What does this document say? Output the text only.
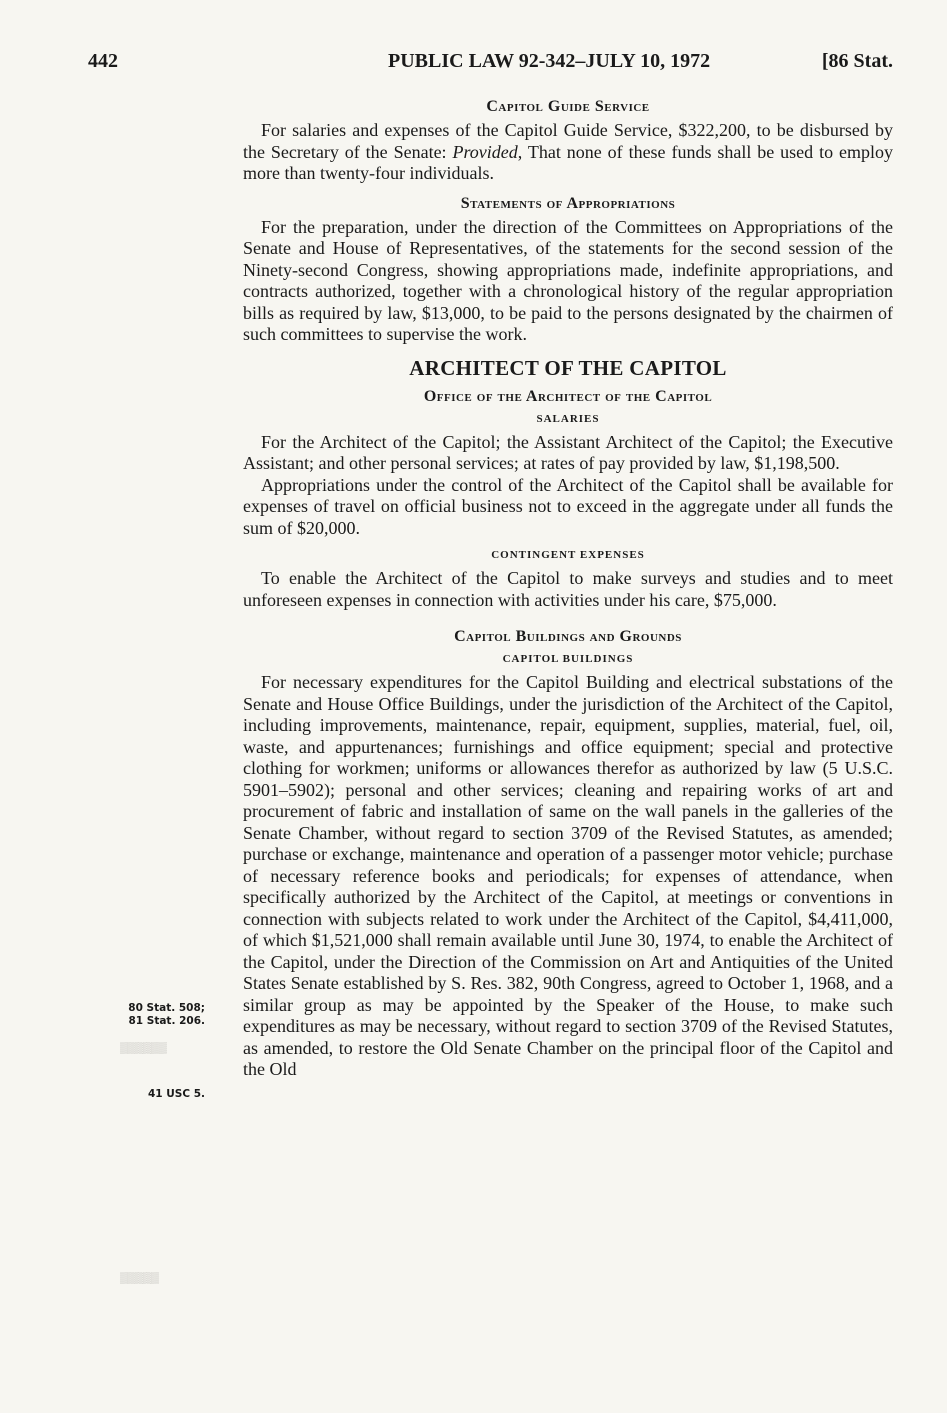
442	PUBLIC LAW 92-342–JULY 10, 1972	[86 Stat.
▒▒▒▒▒▒
▒▒▒▒▒
80 Stat. 508;
81 Stat. 206.
41 USC 5.
Capitol Guide Service

For salaries and expenses of the Capitol Guide Service, $322,200, to be disbursed by the Secretary of the Senate: Provided, That none of these funds shall be used to employ more than twenty-four individuals.

Statements of Appropriations

For the preparation, under the direction of the Committees on Appropriations of the Senate and House of Representatives, of the statements for the second session of the Ninety-second Congress, showing appropriations made, indefinite appropriations, and contracts authorized, together with a chronological history of the regular appropriation bills as required by law, $13,000, to be paid to the persons designated by the chairmen of such committees to supervise the work.

ARCHITECT OF THE CAPITOL
Office of the Architect of the Capitol
SALARIES

For the Architect of the Capitol; the Assistant Architect of the Capitol; the Executive Assistant; and other personal services; at rates of pay provided by law, $1,198,500.

Appropriations under the control of the Architect of the Capitol shall be available for expenses of travel on official business not to exceed in the aggregate under all funds the sum of $20,000.

CONTINGENT EXPENSES

To enable the Architect of the Capitol to make surveys and studies and to meet unforeseen expenses in connection with activities under his care, $75,000.

Capitol Buildings and Grounds
CAPITOL BUILDINGS

For necessary expenditures for the Capitol Building and electrical substations of the Senate and House Office Buildings, under the jurisdiction of the Architect of the Capitol, including improvements, maintenance, repair, equipment, supplies, material, fuel, oil, waste, and appurtenances; furnishings and office equipment; special and protective clothing for workmen; uniforms or allowances therefor as authorized by law (5 U.S.C. 5901–5902); personal and other services; cleaning and repairing works of art and procurement of fabric and installation of same on the wall panels in the galleries of the Senate Chamber, without regard to section 3709 of the Revised Statutes, as amended; purchase or exchange, maintenance and operation of a passenger motor vehicle; purchase of necessary reference books and periodicals; for expenses of attendance, when specifically authorized by the Architect of the Capitol, at meetings or conventions in connection with subjects related to work under the Architect of the Capitol, $4,411,000, of which $1,521,000 shall remain available until June 30, 1974, to enable the Architect of the Capitol, under the Direction of the Commission on Art and Antiquities of the United States Senate established by S. Res. 382, 90th Congress, agreed to October 1, 1968, and a similar group as may be appointed by the Speaker of the House, to make such expenditures as may be necessary, without regard to section 3709 of the Revised Statutes, as amended, to restore the Old Senate Chamber on the principal floor of the Capitol and the Old
